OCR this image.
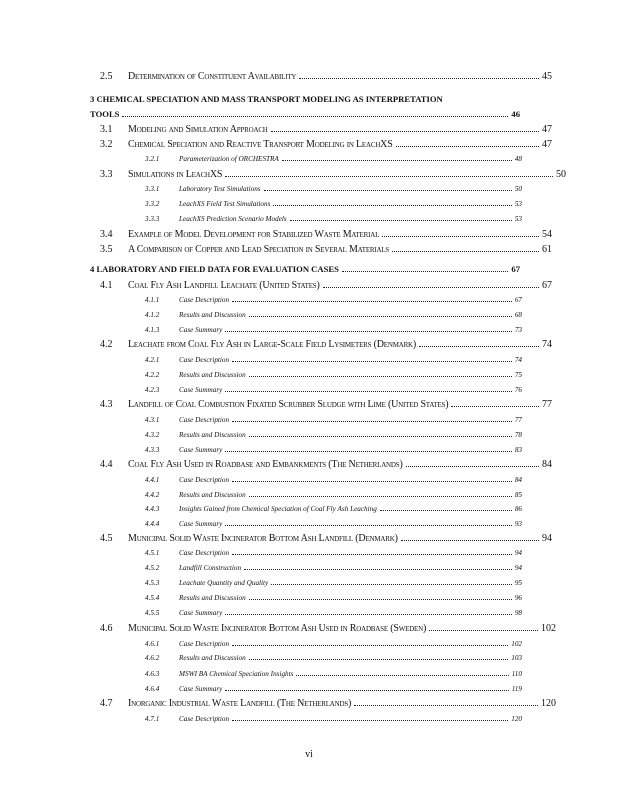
2.5	Determination of Constituent Availability	45
3 CHEMICAL SPECIATION AND MASS TRANSPORT MODELING AS INTERPRETATION
TOOLS	46
3.1	Modeling and Simulation Approach	47
3.2	Chemical Speciation and Reactive Transport Modeling in LeachXS	47
3.2.1	Parameterization of ORCHESTRA	48
3.3	Simulations in LeachXS	50
3.3.1	Laboratory Test Simulations	50
3.3.2	LeachXS Field Test Simulations	53
3.3.3	LeachXS Prediction Scenario Models	53
3.4	Example of Model Development for Stabilized Waste Material	54
3.5	A Comparison of Copper and Lead Speciation in Several Materials	61
4 LABORATORY AND FIELD DATA FOR EVALUATION CASES	67
4.1	Coal Fly Ash Landfill Leachate (United States)	67
4.1.1	Case Description	67
4.1.2	Results and Discussion	68
4.1.3	Case Summary	73
4.2	Leachate from Coal Fly Ash in Large-Scale Field Lysimeters (Denmark)	74
4.2.1	Case Description	74
4.2.2	Results and Discussion	75
4.2.3	Case Summary	76
4.3	Landfill of Coal Combustion Fixated Scrubber Sludge with Lime (United States)	77
4.3.1	Case Description	77
4.3.2	Results and Discussion	78
4.3.3	Case Summary	83
4.4	Coal Fly Ash Used in Roadbase and Embankments (The Netherlands)	84
4.4.1	Case Description	84
4.4.2	Results and Discussion	85
4.4.3	Insights Gained from Chemical Speciation of Coal Fly Ash Leaching	86
4.4.4	Case Summary	93
4.5	Municipal Solid Waste Incinerator Bottom Ash Landfill (Denmark)	94
4.5.1	Case Description	94
4.5.2	Landfill Construction	94
4.5.3	Leachate Quantity and Quality	95
4.5.4	Results and Discussion	96
4.5.5	Case Summary	98
4.6	Municipal Solid Waste Incinerator Bottom Ash Used in Roadbase (Sweden)	102
4.6.1	Case Description	102
4.6.2	Results and Discussion	103
4.6.3	MSWI BA Chemical Speciation Insights	110
4.6.4	Case Summary	119
4.7	Inorganic Industrial Waste Landfill (The Netherlands)	120
4.7.1	Case Description	120
vi
